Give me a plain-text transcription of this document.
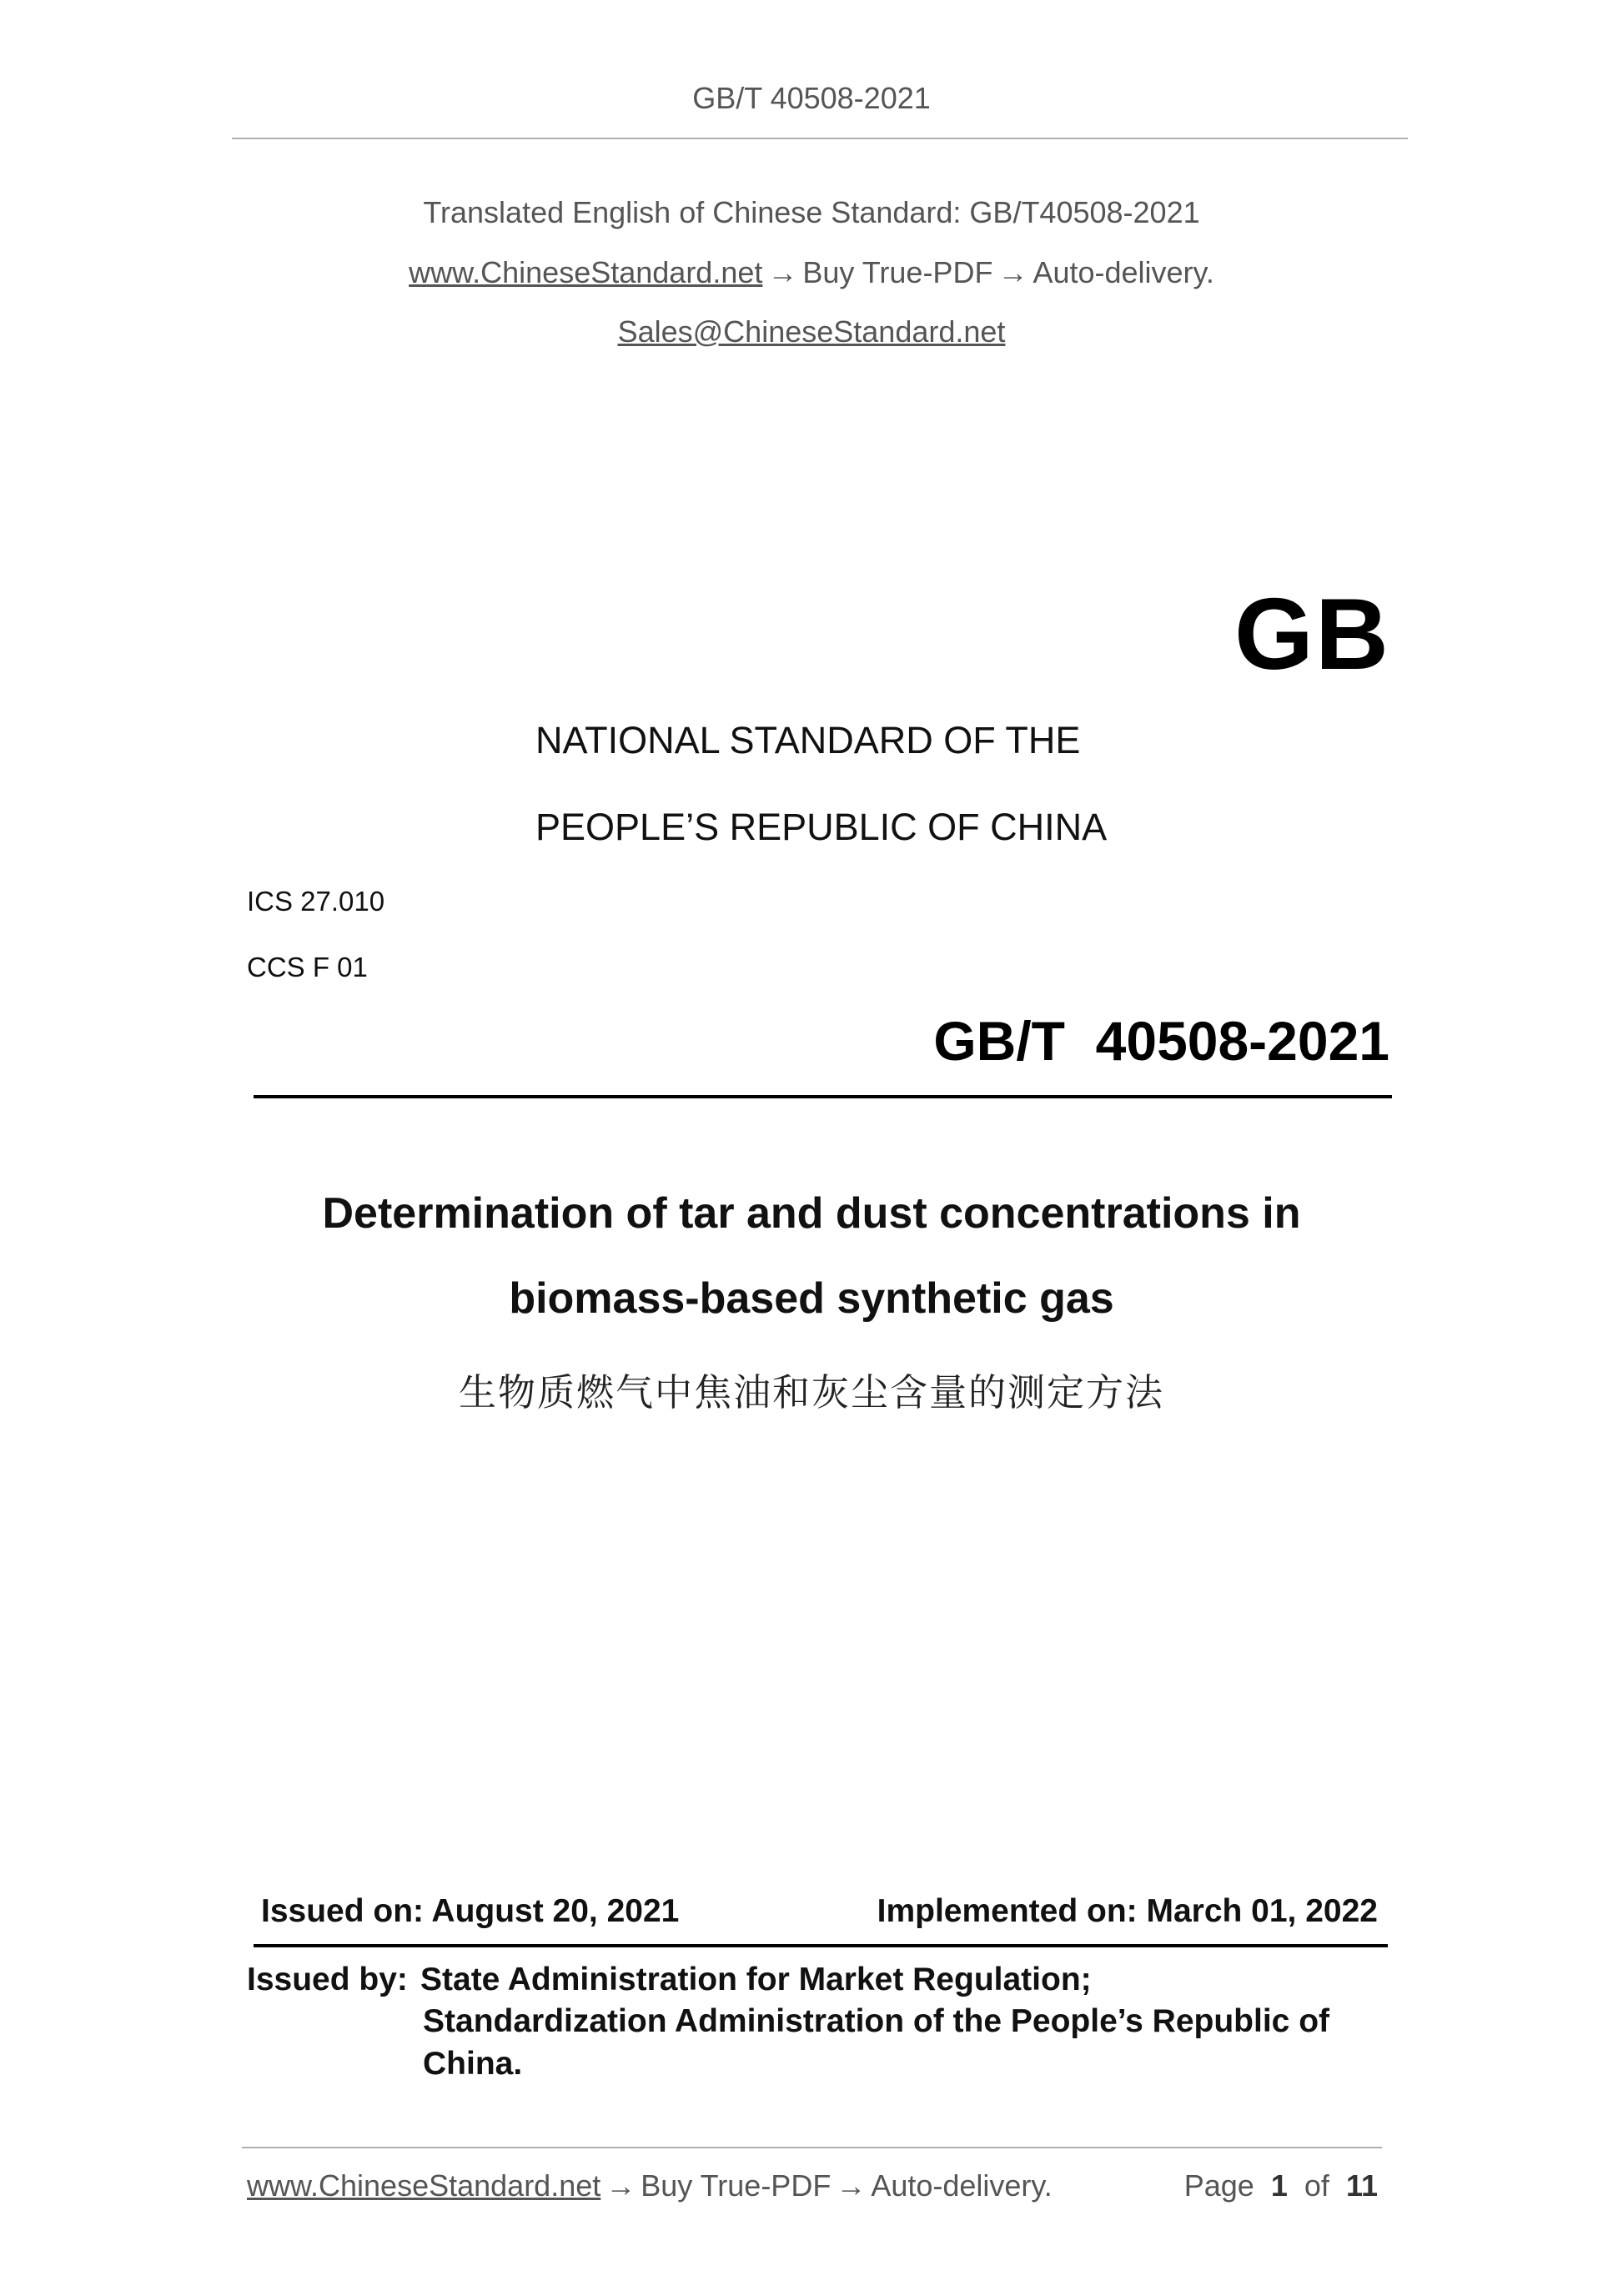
GB/T 40508-2021
Translated English of Chinese Standard: GB/T40508-2021
www.ChineseStandard.net → Buy True-PDF → Auto-delivery.
Sales@ChineseStandard.net
GB
NATIONAL STANDARD OF THE
PEOPLE’S REPUBLIC OF CHINA
ICS 27.010
CCS F 01
GB/T  40508-2021
Determination of tar and dust concentrations in
biomass-based synthetic gas
生物质燃气中焦油和灰尘含量的测定方法
Issued on: August 20, 2021	Implemented on: March 01, 2022
Issued by: State Administration for Market Regulation;
Standardization Administration of the People’s Republic of
China.
www.ChineseStandard.net → Buy True-PDF → Auto-delivery.	Page 1 of 11
